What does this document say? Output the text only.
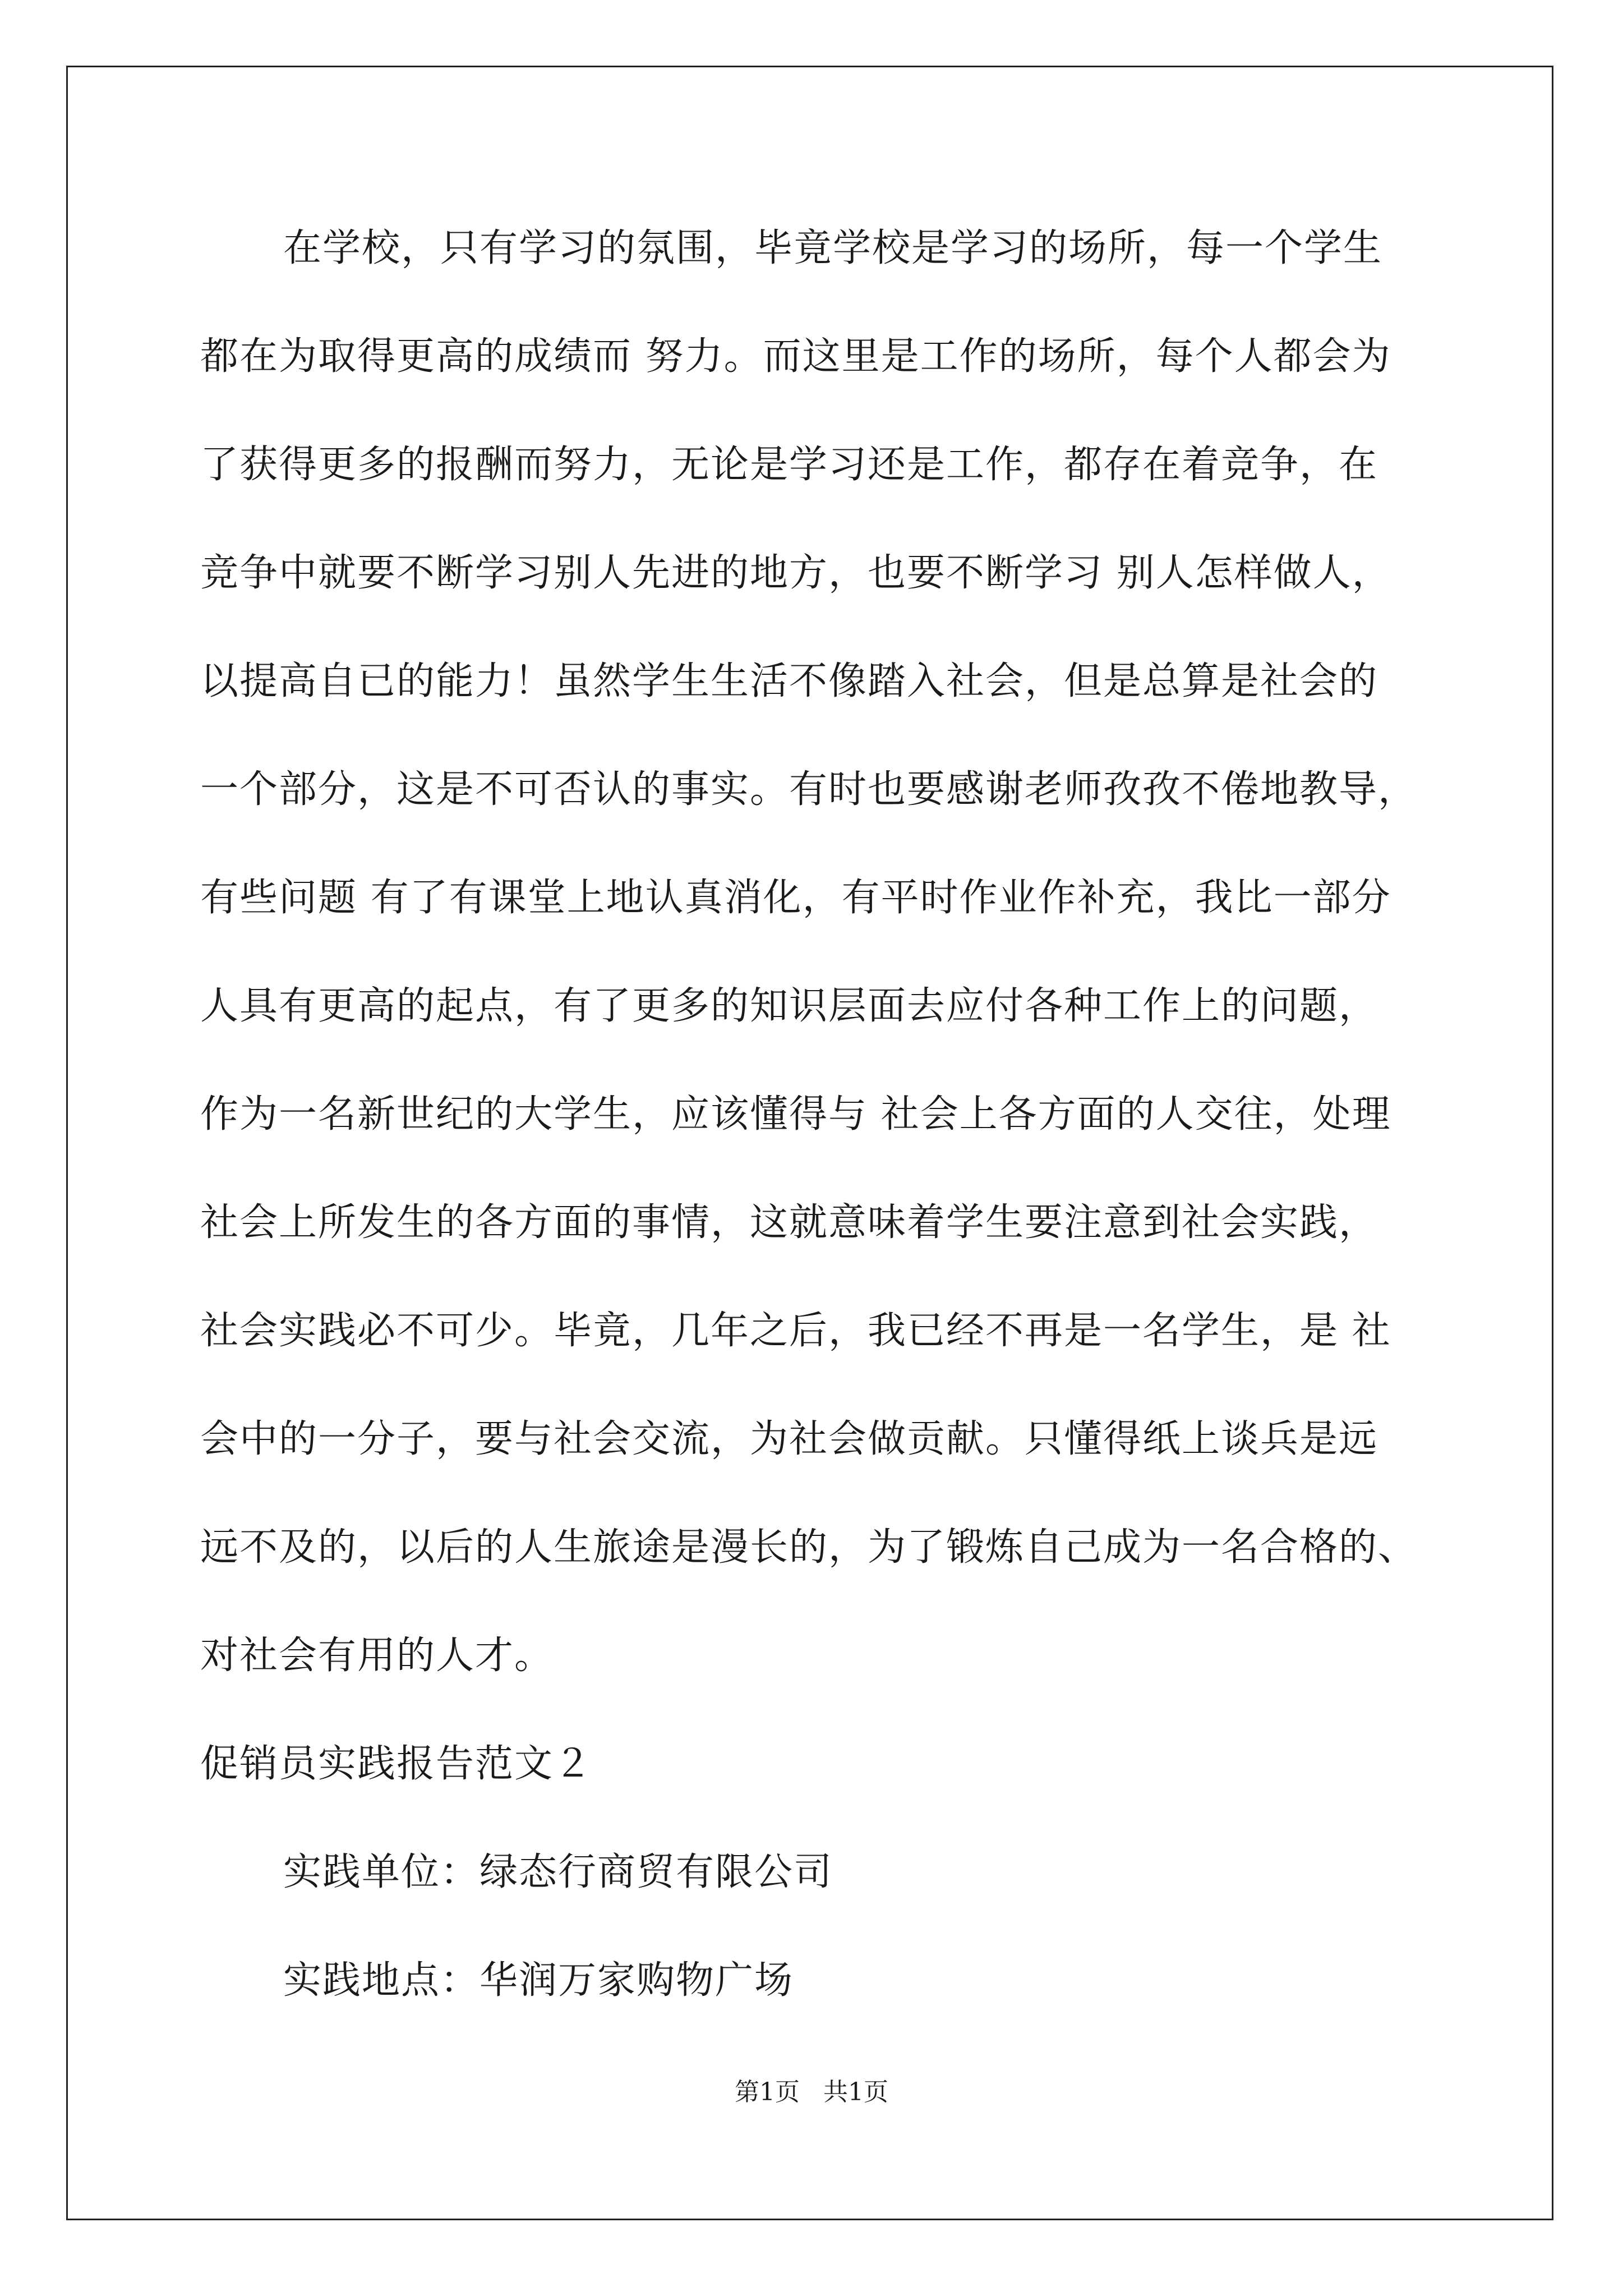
在学校，只有学习的氛围，毕竟学校是学习的场所，每一个学生
都在为取得更高的成绩而 努力。而这里是工作的场所，每个人都会为
了获得更多的报酬而努力，无论是学习还是工作，都存在着竞争，在
竞争中就要不断学习别人先进的地方，也要不断学习 别人怎样做人，
以提高自已的能力！虽然学生生活不像踏入社会，但是总算是社会的
一个部分，这是不可否认的事实。有时也要感谢老师孜孜不倦地教导，
有些问题 有了有课堂上地认真消化，有平时作业作补充，我比一部分
人具有更高的起点，有了更多的知识层面去应付各种工作上的问题，
作为一名新世纪的大学生，应该懂得与 社会上各方面的人交往，处理
社会上所发生的各方面的事情，这就意味着学生要注意到社会实践，
社会实践必不可少。毕竟，几年之后，我已经不再是一名学生，是 社
会中的一分子，要与社会交流，为社会做贡献。只懂得纸上谈兵是远
远不及的，以后的人生旅途是漫长的，为了锻炼自己成为一名合格的、
对社会有用的人才。
促销员实践报告范文２
实践单位：绿态行商贸有限公司
实践地点：华润万家购物广场
第1页 共1页
